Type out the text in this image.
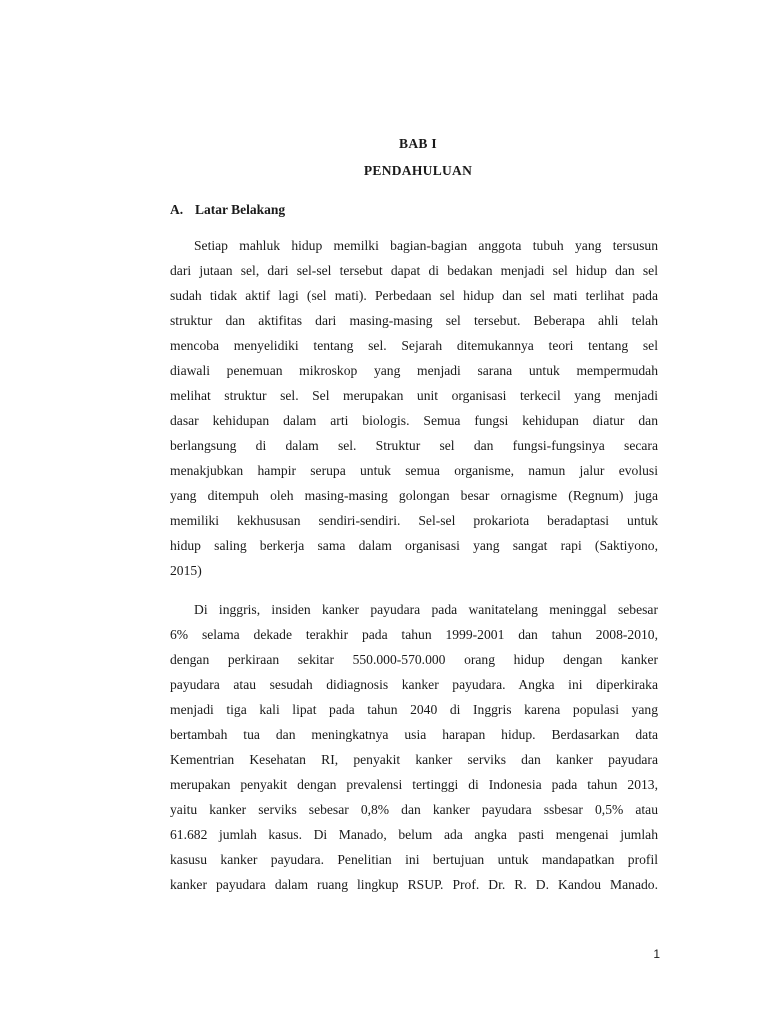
BAB I
PENDAHULUAN
A. Latar Belakang
Setiap mahluk hidup memilki bagian-bagian anggota tubuh yang tersusun
dari jutaan sel, dari sel-sel tersebut dapat di bedakan menjadi sel hidup dan sel
sudah tidak aktif lagi (sel mati). Perbedaan sel hidup dan sel mati terlihat pada
struktur dan aktifitas dari masing-masing sel tersebut. Beberapa ahli telah
mencoba menyelidiki tentang sel. Sejarah ditemukannya teori tentang sel
diawali penemuan mikroskop yang menjadi sarana untuk mempermudah
melihat struktur sel. Sel merupakan unit organisasi terkecil yang menjadi
dasar kehidupan dalam arti biologis. Semua fungsi kehidupan diatur dan
berlangsung di dalam sel. Struktur sel dan fungsi-fungsinya secara
menakjubkan hampir serupa untuk semua organisme, namun jalur evolusi
yang ditempuh oleh masing-masing golongan besar ornagisme (Regnum) juga
memiliki kekhususan sendiri-sendiri. Sel-sel prokariota beradaptasi untuk
hidup saling berkerja sama dalam organisasi yang sangat rapi (Saktiyono,
2015)
Di inggris, insiden kanker payudara pada wanitatelang meninggal sebesar
6% selama dekade terakhir pada tahun 1999-2001 dan tahun 2008-2010,
dengan perkiraan sekitar 550.000-570.000 orang hidup dengan kanker
payudara atau sesudah didiagnosis kanker payudara. Angka ini diperkiraka
menjadi tiga kali lipat pada tahun 2040 di Inggris karena populasi yang
bertambah tua dan meningkatnya usia harapan hidup. Berdasarkan data
Kementrian Kesehatan RI, penyakit kanker serviks dan kanker payudara
merupakan penyakit dengan prevalensi tertinggi di Indonesia pada tahun 2013,
yaitu kanker serviks sebesar 0,8% dan kanker payudara ssbesar 0,5% atau
61.682 jumlah kasus. Di Manado, belum ada angka pasti mengenai jumlah
kasusu kanker payudara. Penelitian ini bertujuan untuk mandapatkan profil
kanker payudara dalam ruang lingkup RSUP. Prof. Dr. R. D. Kandou Manado.
1
